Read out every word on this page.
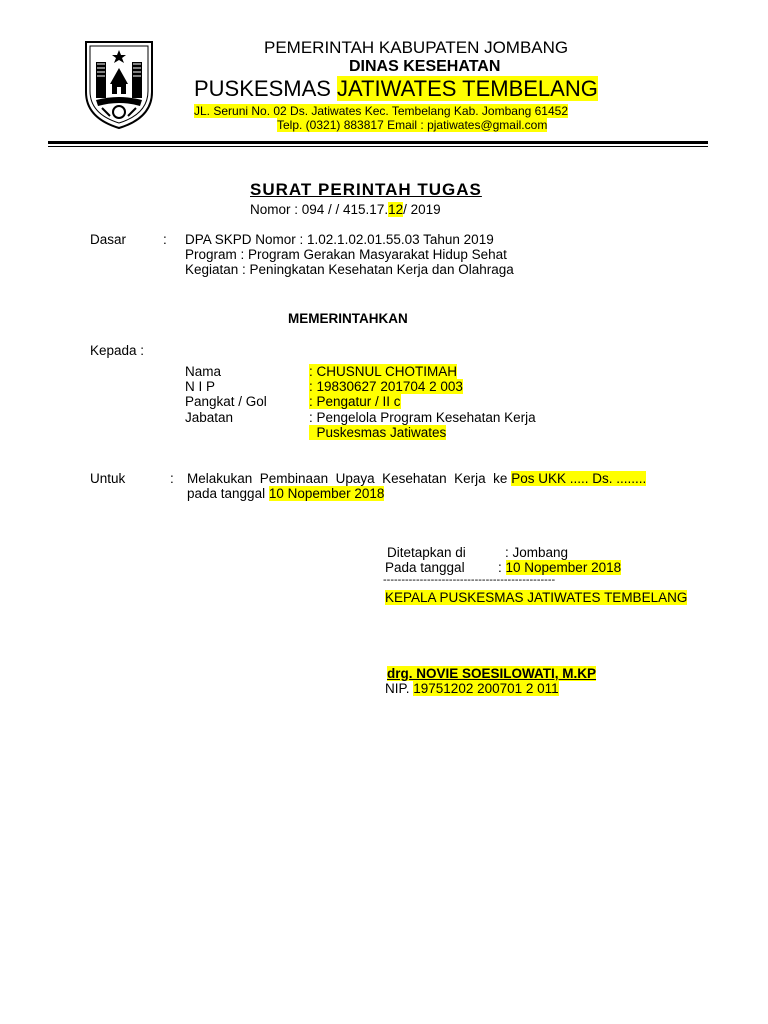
PEMERINTAH KABUPATEN JOMBANG
DINAS KESEHATAN
PUSKESMAS JATIWATES TEMBELANG
JL. Seruni No. 02 Ds. Jatiwates Kec. Tembelang Kab. Jombang 61452
Telp. (0321) 883817 Email : pjatiwates@gmail.com
SURAT PERINTAH TUGAS
Nomor : 094 / / 415.17.12/ 2019
Dasar	: DPA SKPD Nomor : 1.02.1.02.01.55.03 Tahun 2019
Program : Program Gerakan Masyarakat Hidup Sehat
Kegiatan : Peningkatan Kesehatan Kerja dan Olahraga
MEMERINTAHKAN
Kepada :
Nama	: CHUSNUL CHOTIMAH
N I P	: 19830627 201704 2 003
Pangkat / Gol	: Pengatur / II c
Jabatan	: Pengelola Program Kesehatan Kerja
Puskesmas Jatiwates
Untuk	: Melakukan  Pembinaan  Upaya  Kesehatan  Kerja  ke Pos UKK ..... Ds. ........
pada tanggal 10 Nopember 2018
Ditetapkan di	: Jombang
Pada tanggal : 10 Nopember 2018
-----------------------------------------------
KEPALA PUSKESMAS JATIWATES TEMBELANG
drg. NOVIE SOESILOWATI, M.KP
NIP. 19751202 200701 2 011
